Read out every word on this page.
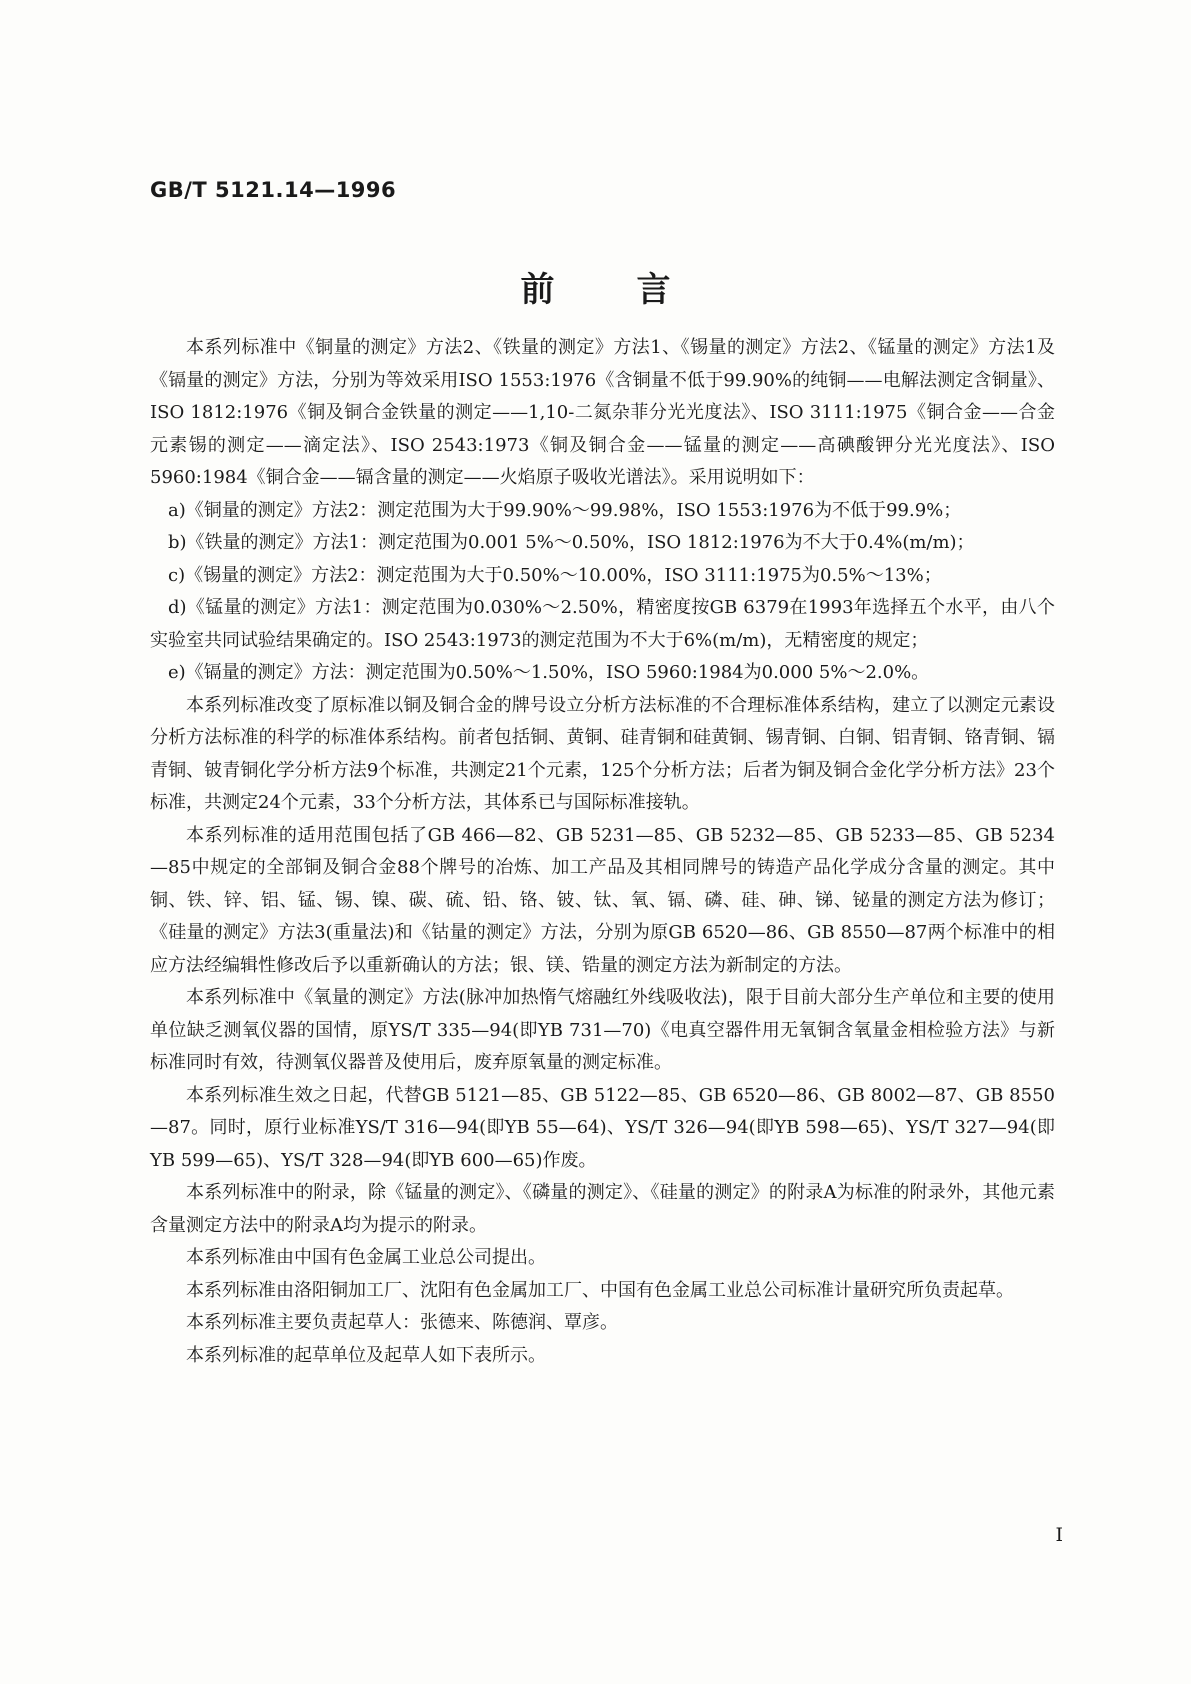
GB/T 5121.14—1996
前言

本系列标准中《铜量的测定》方法2、《铁量的测定》方法1、《锡量的测定》方法2、《锰量的测定》方法1及《镉量的测定》方法，分别为等效采用ISO 1553:1976《含铜量不低于99.90%的纯铜——电解法测定含铜量》、ISO 1812:1976《铜及铜合金铁量的测定——1,10-二氮杂菲分光光度法》、ISO 3111:1975《铜合金——合金元素锡的测定——滴定法》、ISO 2543:1973《铜及铜合金——锰量的测定——高碘酸钾分光光度法》、ISO 5960:1984《铜合金——镉含量的测定——火焰原子吸收光谱法》。采用说明如下：

a)《铜量的测定》方法2：测定范围为大于99.90%～99.98%，ISO 1553:1976为不低于99.9%；

b)《铁量的测定》方法1：测定范围为0.001 5%～0.50%，ISO 1812:1976为不大于0.4%(m/m)；

c)《锡量的测定》方法2：测定范围为大于0.50%～10.00%，ISO 3111:1975为0.5%～13%；

d)《锰量的测定》方法1：测定范围为0.030%～2.50%，精密度按GB 6379在1993年选择五个水平，由八个实验室共同试验结果确定的。ISO 2543:1973的测定范围为不大于6%(m/m)，无精密度的规定；

e)《镉量的测定》方法：测定范围为0.50%～1.50%，ISO 5960:1984为0.000 5%～2.0%。

本系列标准改变了原标准以铜及铜合金的牌号设立分析方法标准的不合理标准体系结构，建立了以测定元素设分析方法标准的科学的标准体系结构。前者包括铜、黄铜、硅青铜和硅黄铜、锡青铜、白铜、铝青铜、铬青铜、镉青铜、铍青铜化学分析方法9个标准，共测定21个元素，125个分析方法；后者为铜及铜合金化学分析方法》23个标准，共测定24个元素，33个分析方法，其体系已与国际标准接轨。

本系列标准的适用范围包括了GB 466—82、GB 5231—85、GB 5232—85、GB 5233—85、GB 5234—85中规定的全部铜及铜合金88个牌号的冶炼、加工产品及其相同牌号的铸造产品化学成分含量的测定。其中铜、铁、锌、铝、锰、锡、镍、碳、硫、铅、铬、铍、钛、氧、镉、磷、硅、砷、锑、铋量的测定方法为修订；《硅量的测定》方法3(重量法)和《钴量的测定》方法，分别为原GB 6520—86、GB 8550—87两个标准中的相应方法经编辑性修改后予以重新确认的方法；银、镁、锆量的测定方法为新制定的方法。

本系列标准中《氧量的测定》方法(脉冲加热惰气熔融红外线吸收法)，限于目前大部分生产单位和主要的使用单位缺乏测氧仪器的国情，原YS/T 335—94(即YB 731—70)《电真空器件用无氧铜含氧量金相检验方法》与新标准同时有效，待测氧仪器普及使用后，废弃原氧量的测定标准。

本系列标准生效之日起，代替GB 5121—85、GB 5122—85、GB 6520—86、GB 8002—87、GB 8550—87。同时，原行业标准YS/T 316—94(即YB 55—64)、YS/T 326—94(即YB 598—65)、YS/T 327—94(即YB 599—65)、YS/T 328—94(即YB 600—65)作废。

本系列标准中的附录，除《锰量的测定》、《磷量的测定》、《硅量的测定》的附录A为标准的附录外，其他元素含量测定方法中的附录A均为提示的附录。

本系列标准由中国有色金属工业总公司提出。

本系列标准由洛阳铜加工厂、沈阳有色金属加工厂、中国有色金属工业总公司标准计量研究所负责起草。

本系列标准主要负责起草人：张德来、陈德润、覃彦。

本系列标准的起草单位及起草人如下表所示。

I
